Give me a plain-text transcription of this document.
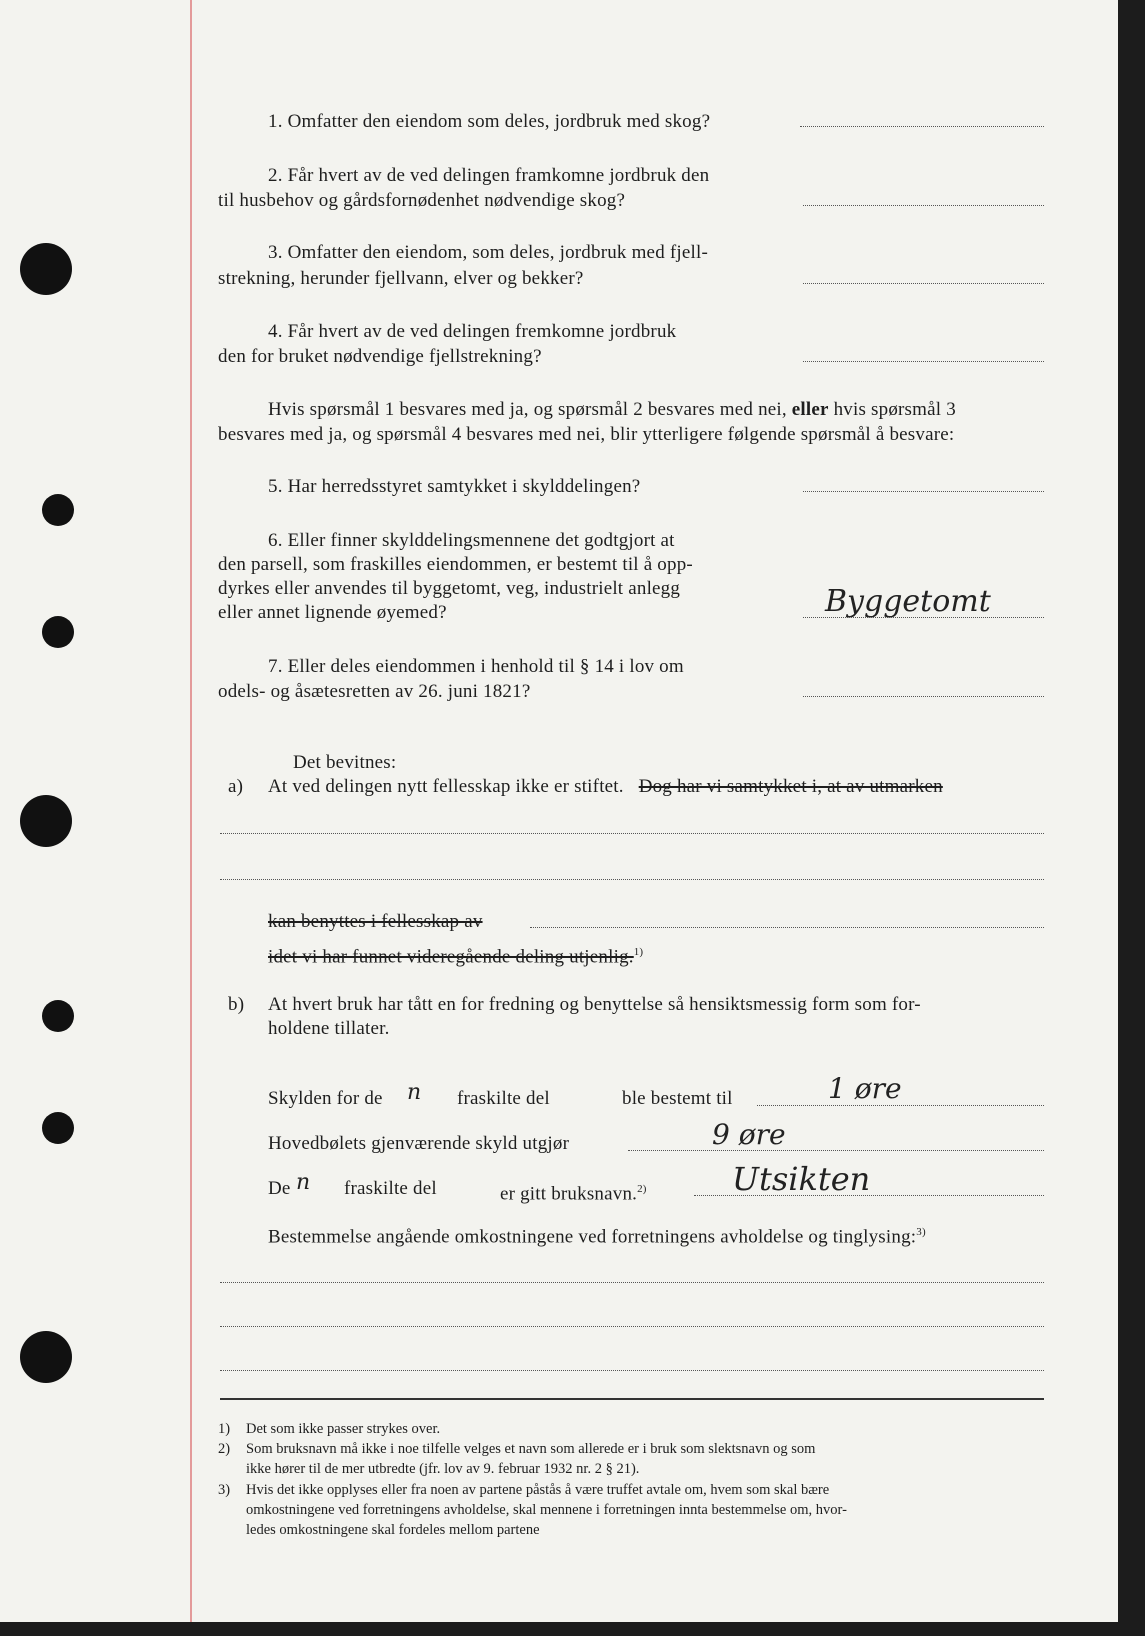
1. Omfatter den eiendom som deles, jordbruk med skog?
2. Får hvert av de ved delingen framkomne jordbruk den
til husbehov og gårdsfornødenhet nødvendige skog?
3. Omfatter den eiendom, som deles, jordbruk med fjell-
strekning, herunder fjellvann, elver og bekker?
4. Får hvert av de ved delingen fremkomne jordbruk
den for bruket nødvendige fjellstrekning?
Hvis spørsmål 1 besvares med ja, og spørsmål 2 besvares med nei, eller hvis spørsmål 3
besvares med ja, og spørsmål 4 besvares med nei, blir ytterligere følgende spørsmål å besvare:
5. Har herredsstyret samtykket i skylddelingen?
6. Eller finner skylddelingsmennene det godtgjort at
den parsell, som fraskilles eiendommen, er bestemt til å opp-
dyrkes eller anvendes til byggetomt, veg, industrielt anlegg
eller annet lignende øyemed?	Byggetomt
7. Eller deles eiendommen i henhold til § 14 i lov om
odels- og åsætesretten av 26. juni 1821?
Det bevitnes:
a) At ved delingen nytt fellesskap ikke er stiftet. Dog har vi samtykket i, at av utmarken
kan benyttes i fellesskap av
idet vi har funnet videregående deling utjenlig.$^{1)}$
b) At hvert bruk har tått en for fredning og benyttelse så hensiktsmessig form som for-
holdene tillater.
Skylden for de n fraskilte del	ble bestemt til	1 øre
Hovedbølets gjenværende skyld utgjør	9 øre
De n fraskilte del	er gitt bruksnavn.$^{2)}$	Utsikten
Bestemmelse angående omkostningene ved forretningens avholdelse og tinglysing:$^{3)}$
1) Det som ikke passer strykes over.
2) Som bruksnavn må ikke i noe tilfelle velges et navn som allerede er i bruk som slektsnavn og som
ikke hører til de mer utbredte (jfr. lov av 9. februar 1932 nr. 2 § 21).
3) Hvis det ikke opplyses eller fra noen av partene påstås å være truffet avtale om, hvem som skal bære
omkostningene ved forretningens avholdelse, skal mennene i forretningen innta bestemmelse om, hvor-
ledes omkostningene skal fordeles mellom partene
